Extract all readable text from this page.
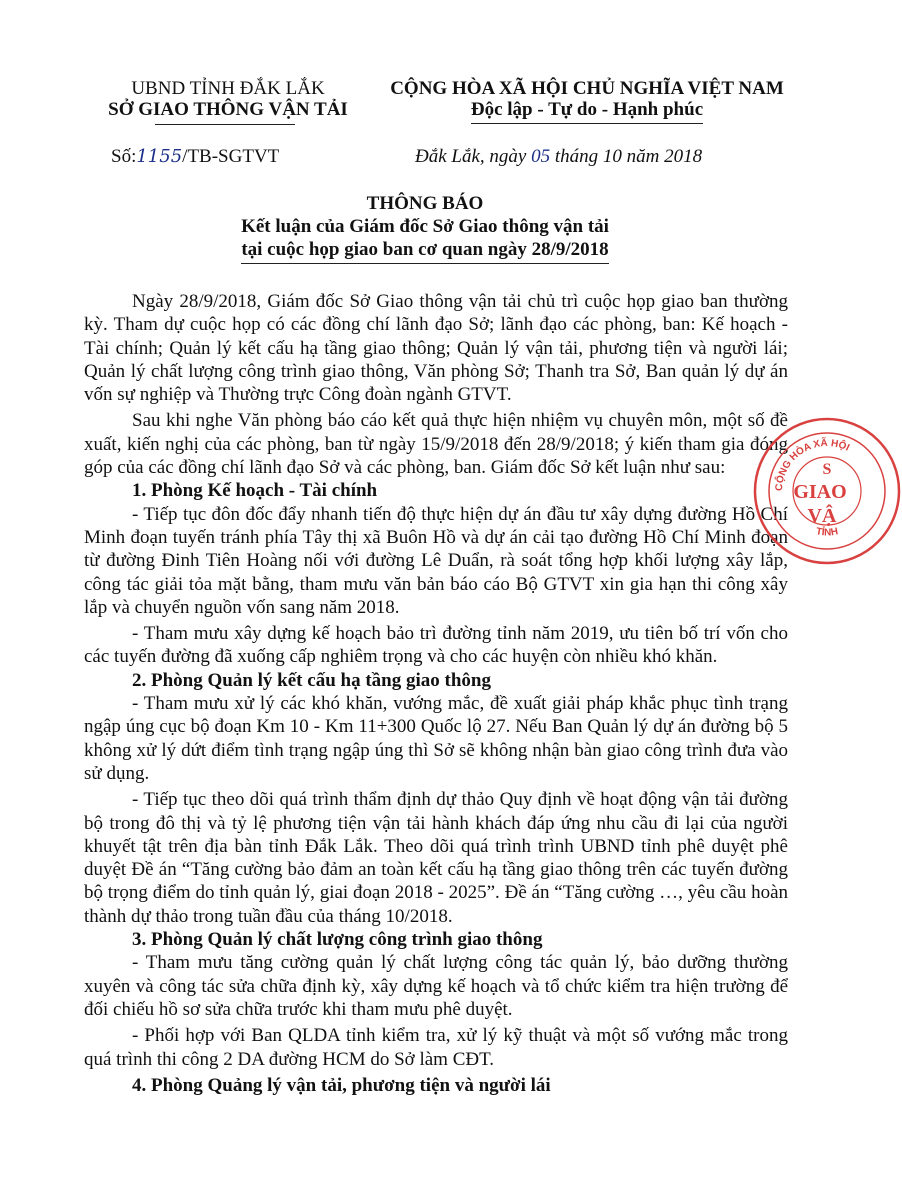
UBND TỈNH ĐẮK LẮK
SỞ GIAO THÔNG VẬN TẢI
CỘNG HÒA XÃ HỘI CHỦ NGHĨA VIỆT NAM
Độc lập - Tự do - Hạnh phúc
Số:1155/TB-SGTVT	Đắk Lắk, ngày 05 tháng 10 năm 2018
THÔNG BÁO
Kết luận của Giám đốc Sở Giao thông vận tải
tại cuộc họp giao ban cơ quan ngày 28/9/2018

Ngày 28/9/2018, Giám đốc Sở Giao thông vận tải chủ trì cuộc họp giao ban thường kỳ. Tham dự cuộc họp có các đồng chí lãnh đạo Sở; lãnh đạo các phòng, ban: Kế hoạch - Tài chính; Quản lý kết cấu hạ tầng giao thông; Quản lý vận tải, phương tiện và người lái; Quản lý chất lượng công trình giao thông, Văn phòng Sở; Thanh tra Sở, Ban quản lý dự án vốn sự nghiệp và Thường trực Công đoàn ngành GTVT.

Sau khi nghe Văn phòng báo cáo kết quả thực hiện nhiệm vụ chuyên môn, một số đề xuất, kiến nghị của các phòng, ban từ ngày 15/9/2018 đến 28/9/2018; ý kiến tham gia đóng góp của các đồng chí lãnh đạo Sở và các phòng, ban. Giám đốc Sở kết luận như sau:

1. Phòng Kế hoạch - Tài chính

- Tiếp tục đôn đốc đẩy nhanh tiến độ thực hiện dự án đầu tư xây dựng đường Hồ Chí Minh đoạn tuyến tránh phía Tây thị xã Buôn Hồ và dự án cải tạo đường Hồ Chí Minh đoạn từ đường Đinh Tiên Hoàng nối với đường Lê Duẩn, rà soát tổng hợp khối lượng xây lắp, công tác giải tỏa mặt bằng, tham mưu văn bản báo cáo Bộ GTVT xin gia hạn thi công xây lắp và chuyển nguồn vốn sang năm 2018.

- Tham mưu xây dựng kế hoạch bảo trì đường tỉnh năm 2019, ưu tiên bố trí vốn cho các tuyến đường đã xuống cấp nghiêm trọng và cho các huyện còn nhiều khó khăn.

2. Phòng Quản lý kết cấu hạ tầng giao thông

- Tham mưu xử lý các khó khăn, vướng mắc, đề xuất giải pháp khắc phục tình trạng ngập úng cục bộ đoạn Km 10 - Km 11+300 Quốc lộ 27. Nếu Ban Quản lý dự án đường bộ 5 không xử lý dứt điểm tình trạng ngập úng thì Sở sẽ không nhận bàn giao công trình đưa vào sử dụng.

- Tiếp tục theo dõi quá trình thẩm định dự thảo Quy định về hoạt động vận tải đường bộ trong đô thị và tỷ lệ phương tiện vận tải hành khách đáp ứng nhu cầu đi lại của người khuyết tật trên địa bàn tỉnh Đắk Lắk. Theo dõi quá trình trình UBND tỉnh phê duyệt phê duyệt Đề án “Tăng cường bảo đảm an toàn kết cấu hạ tầng giao thông trên các tuyến đường bộ trọng điểm do tỉnh quản lý, giai đoạn 2018 - 2025”. Đề án “Tăng cường …, yêu cầu hoàn thành dự thảo trong tuần đầu của tháng 10/2018.

3. Phòng Quản lý chất lượng công trình giao thông

- Tham mưu tăng cường quản lý chất lượng công tác quản lý, bảo dưỡng thường xuyên và công tác sửa chữa định kỳ, xây dựng kế hoạch và tổ chức kiểm tra hiện trường để đối chiếu hồ sơ sửa chữa trước khi tham mưu phê duyệt.

- Phối hợp với Ban QLDA tỉnh kiểm tra, xử lý kỹ thuật và một số vướng mắc trong quá trình thi công 2 DA đường HCM do Sở làm CĐT.

4. Phòng Quảng lý vận tải, phương tiện và người lái

CỘNG HÒA XÃ HỘI
TỈNH
S
GIAO
VẬ
